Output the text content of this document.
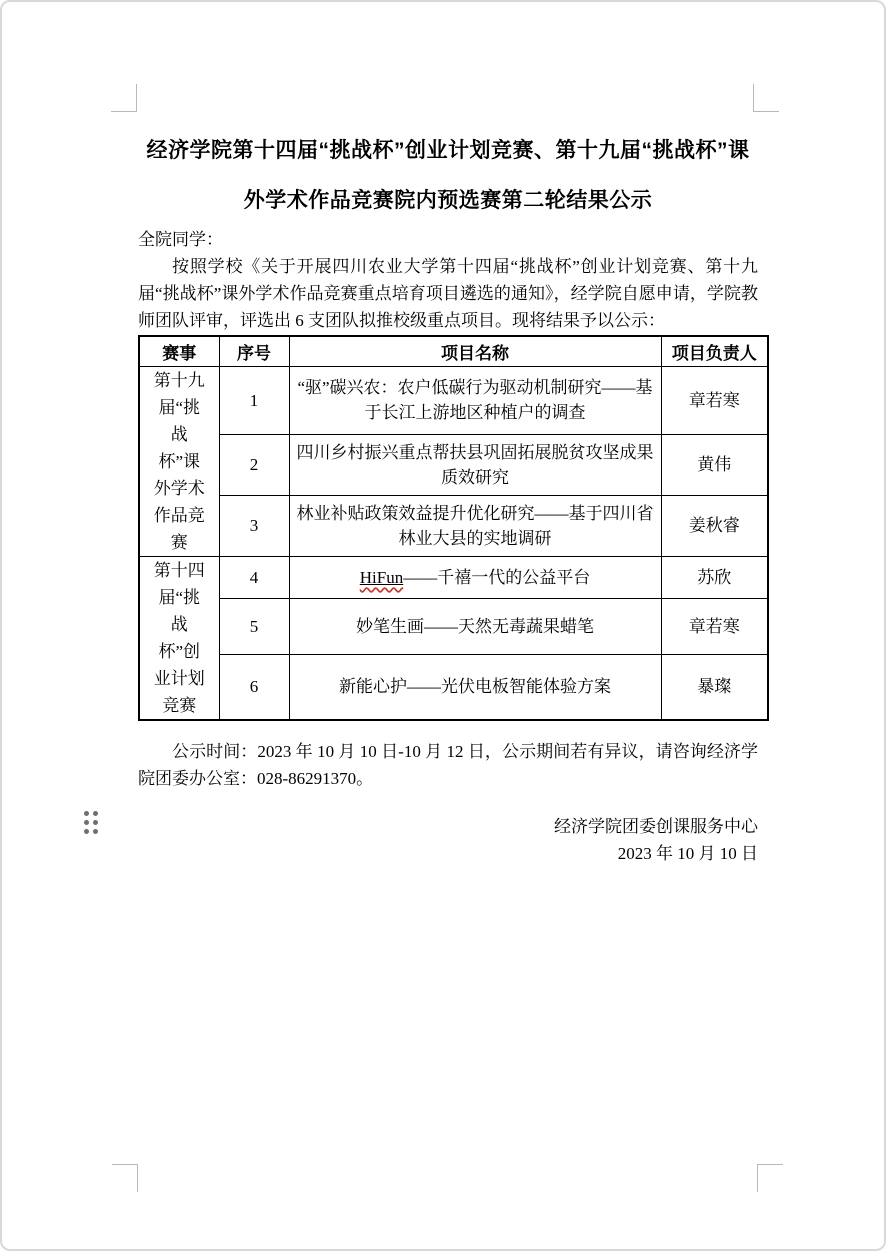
经济学院第十四届“挑战杯”创业计划竞赛、第十九届“挑战杯”课
外学术作品竞赛院内预选赛第二轮结果公示

全院同学：

按照学校《关于开展四川农业大学第十四届“挑战杯”创业计划竞赛、第十九届“挑战杯”课外学术作品竞赛重点培育项目遴选的通知》，经学院自愿申请，学院教师团队评审，评选出 6 支团队拟推校级重点项目。现将结果予以公示：

赛事	序号	项目名称	项目负责人
第十九届“挑战杯”课外学术作品竞赛	1	“驱”碳兴农：农户低碳行为驱动机制研究——基于长江上游地区种植户的调查	章若寒
	2	四川乡村振兴重点帮扶县巩固拓展脱贫攻坚成果质效研究	黄伟
	3	林业补贴政策效益提升优化研究——基于四川省林业大县的实地调研	姜秋睿
第十四届“挑战杯”创业计划竞赛	4	HiFun——千禧一代的公益平台	苏欣
	5	妙笔生画——天然无毒蔬果蜡笔	章若寒
	6	新能心护——光伏电板智能体验方案	暴璨

公示时间：2023 年 10 月 10 日-10 月 12 日，公示期间若有异议，请咨询经济学院团委办公室：028-86291370。

经济学院团委创课服务中心
2023 年 10 月 10 日
